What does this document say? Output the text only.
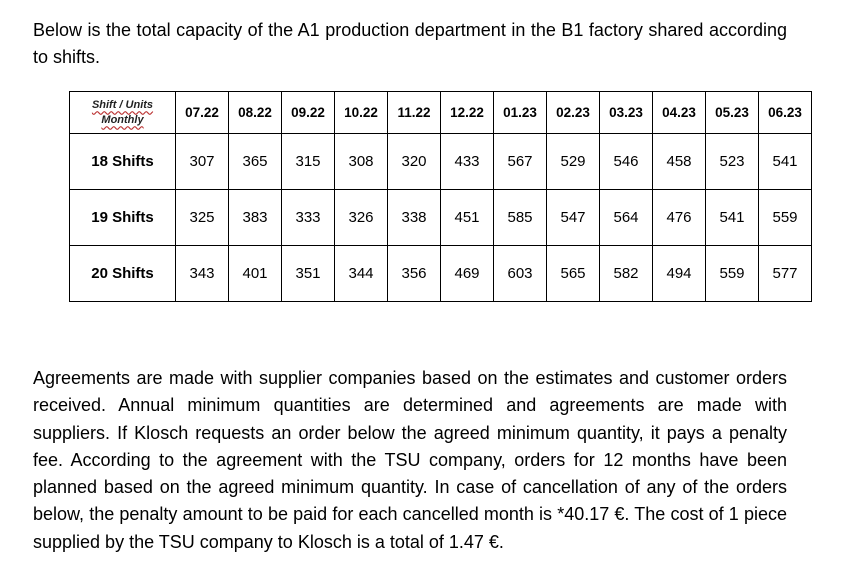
Below is the total capacity of the A1 production department in the B1 factory shared according to shifts.

Shift / Units
Monthly	07.22	08.22	09.22	10.22	11.22	12.22	01.23	02.23	03.23	04.23	05.23	06.23
18 Shifts	307	365	315	308	320	433	567	529	546	458	523	541
19 Shifts	325	383	333	326	338	451	585	547	564	476	541	559
20 Shifts	343	401	351	344	356	469	603	565	582	494	559	577

Agreements are made with supplier companies based on the estimates and customer orders received. Annual minimum quantities are determined and agreements are made with suppliers. If Klosch requests an order below the agreed minimum quantity, it pays a penalty fee. According to the agreement with the TSU company, orders for 12 months have been planned based on the agreed minimum quantity. In case of cancellation of any of the orders below, the penalty amount to be paid for each cancelled month is *40.17 €. The cost of 1 piece supplied by the TSU company to Klosch is a total of 1.47 €.
